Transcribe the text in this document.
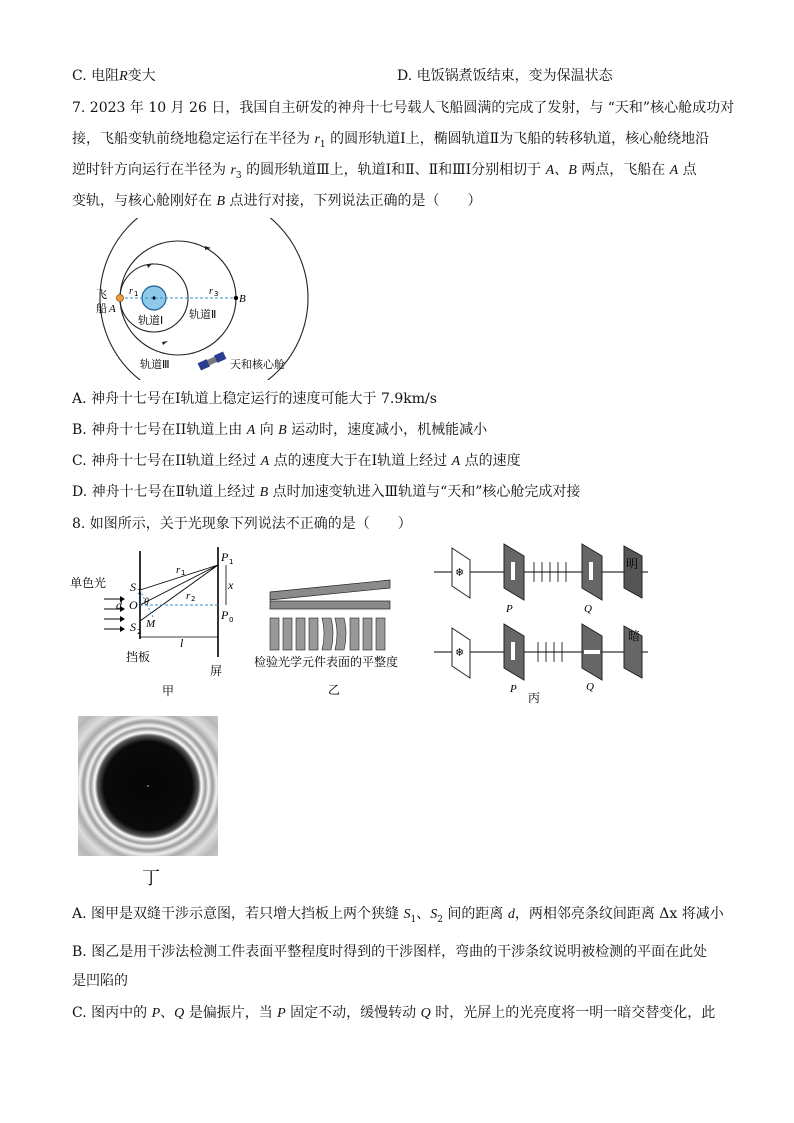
C. 电阻R变大	D. 电饭锅煮饭结束，变为保温状态
7. 2023 年 10 月 26 日，我国自主研发的神舟十七号载人飞船圆满的完成了发射，与 “天和”核心舱成功对
接，飞船变轨前绕地稳定运行在半径为 $r_1$ 的圆形轨道Ⅰ上，椭圆轨道Ⅱ为飞船的转移轨道，核心舱绕地沿
逆时针方向运行在半径为 $r_3$ 的圆形轨道Ⅲ上，轨道Ⅰ和Ⅱ、Ⅱ和ⅢⅠ分别相切于 A、B 两点，飞船在 A 点
变轨，与核心舱刚好在 B 点进行对接，下列说法正确的是（　　）
飞
船 A
B
r 1	r 3
轨道Ⅰ 轨道Ⅱ
轨道Ⅲ	天和核心舱
A. 神舟十七号在Ⅰ轨道上稳定运行的速度可能大于 7.9km/s
B. 神舟十七号在ⅠⅠ轨道上由 A 向 B 运动时，速度减小，机械能减小
C. 神舟十七号在ⅠⅠ轨道上经过 A 点的速度大于在Ⅰ轨道上经过 A 点的速度
D. 神舟十七号在Ⅱ轨道上经过 B 点时加速变轨进入Ⅲ轨道与“天和”核心舱完成对接
8. 如图所示，关于光现象下列说法不正确的是（　　）
单色光 S 1
S 2
d O θ
M
r 1
r 2
P 1
x
P 0
l
挡板
屏
甲
检验光学元件表面的平整度
乙
❄
P	Q
明
❄
P	Q
暗
丙
丁
A. 图甲是双缝干涉示意图，若只增大挡板上两个狭缝 $S_1$、$S_2$ 间的距离 d，两相邻亮条纹间距离 Δx 将减小
B. 图乙是用干涉法检测工件表面平整程度时得到的干涉图样，弯曲的干涉条纹说明被检测的平面在此处
是凹陷的
C. 图丙中的 P、Q 是偏振片，当 P 固定不动，缓慢转动 Q 时，光屏上的光亮度将一明一暗交替变化，此
